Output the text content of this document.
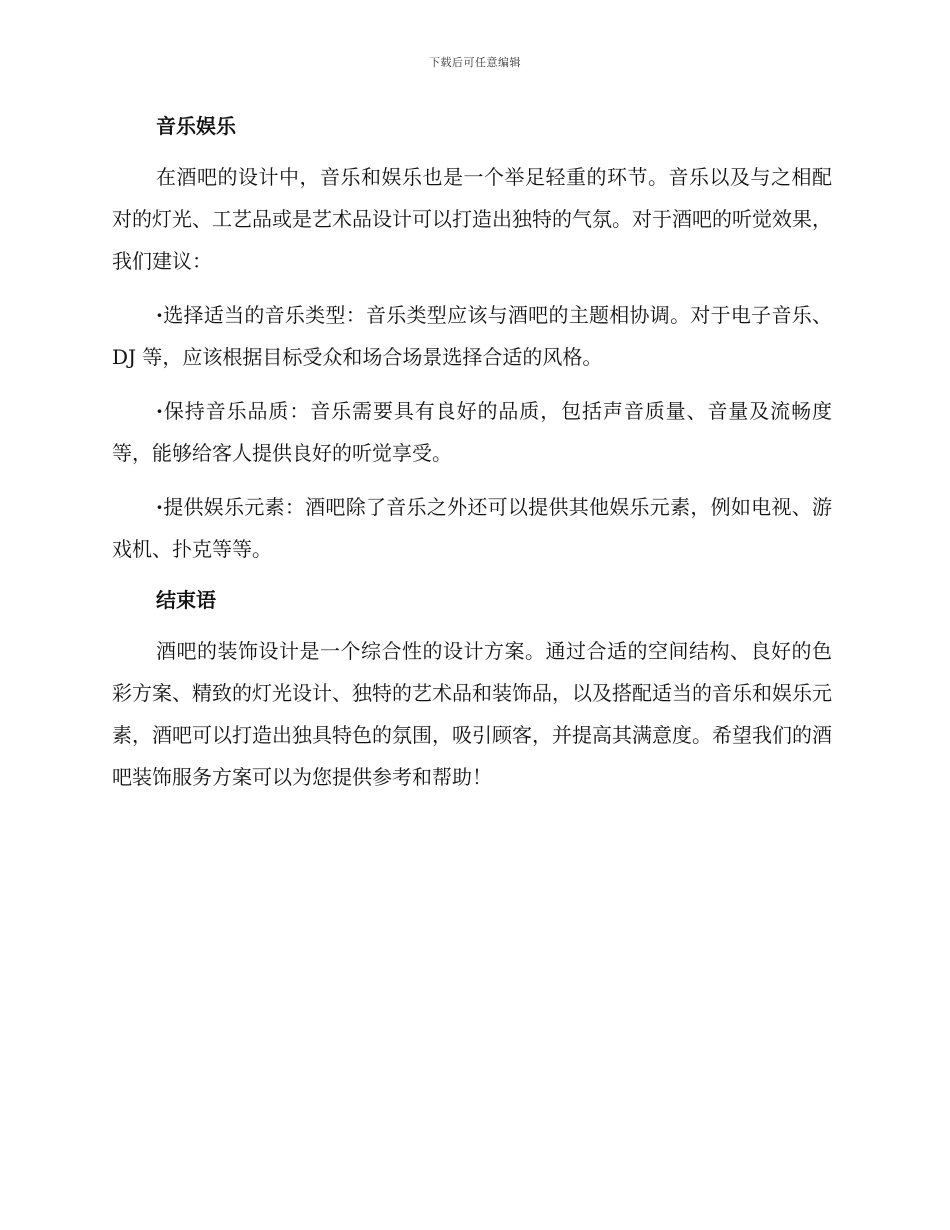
下载后可任意编辑
音乐娱乐

在酒吧的设计中，音乐和娱乐也是一个举足轻重的环节。音乐以及与之相配对的灯光、工艺品或是艺术品设计可以打造出独特的气氛。对于酒吧的听觉效果，我们建议：

·选择适当的音乐类型：音乐类型应该与酒吧的主题相协调。对于电子音乐、DJ 等，应该根据目标受众和场合场景选择合适的风格。

·保持音乐品质：音乐需要具有良好的品质，包括声音质量、音量及流畅度等，能够给客人提供良好的听觉享受。

·提供娱乐元素：酒吧除了音乐之外还可以提供其他娱乐元素，例如电视、游戏机、扑克等等。

结束语

酒吧的装饰设计是一个综合性的设计方案。通过合适的空间结构、良好的色彩方案、精致的灯光设计、独特的艺术品和装饰品，以及搭配适当的音乐和娱乐元素，酒吧可以打造出独具特色的氛围，吸引顾客，并提高其满意度。希望我们的酒吧装饰服务方案可以为您提供参考和帮助！
